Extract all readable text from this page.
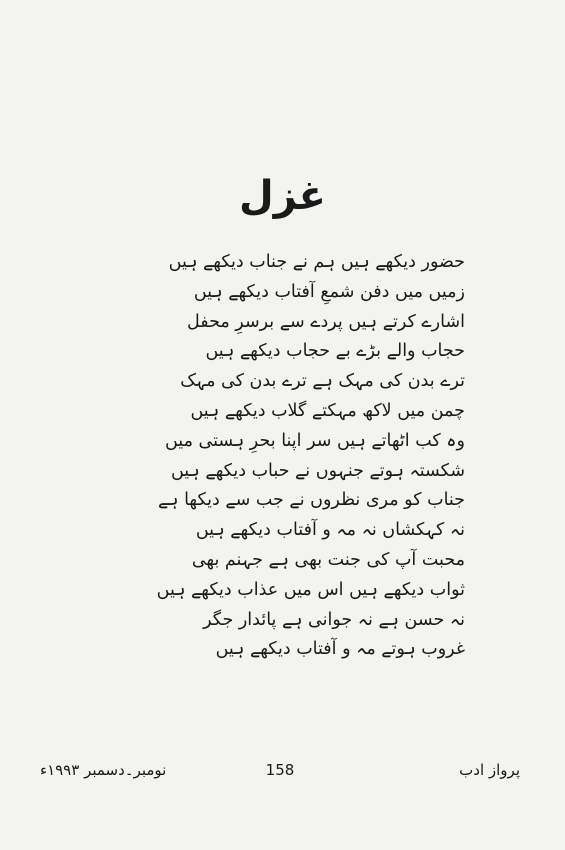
غزل
حضور دیکھے ہیں ہم نے جناب دیکھے ہیں
زمیں میں دفن شمعِ آفتاب دیکھے ہیں
اشارے کرتے ہیں پردے سے برسرِ محفل
حجاب والے بڑے بے حجاب دیکھے ہیں
ترے بدن کی مہک ہے ترے بدن کی مہک
چمن میں لاکھ مہکتے گلاب دیکھے ہیں
وہ کب اٹھاتے ہیں سر اپنا بحرِ ہستی میں
شکستہ ہوتے جنہوں نے حباب دیکھے ہیں
جناب کو مری نظروں نے جب سے دیکھا ہے
نہ کہکشاں نہ مہ و آفتاب دیکھے ہیں
محبت آپ کی جنت بھی ہے جہنم بھی
ثواب دیکھے ہیں اس میں عذاب دیکھے ہیں
نہ حسن ہے نہ جوانی ہے پائدار جگر
غروب ہوتے مہ و آفتاب دیکھے ہیں
نومبر۔دسمبر ۱۹۹۳ء	158	پرواز ادب
